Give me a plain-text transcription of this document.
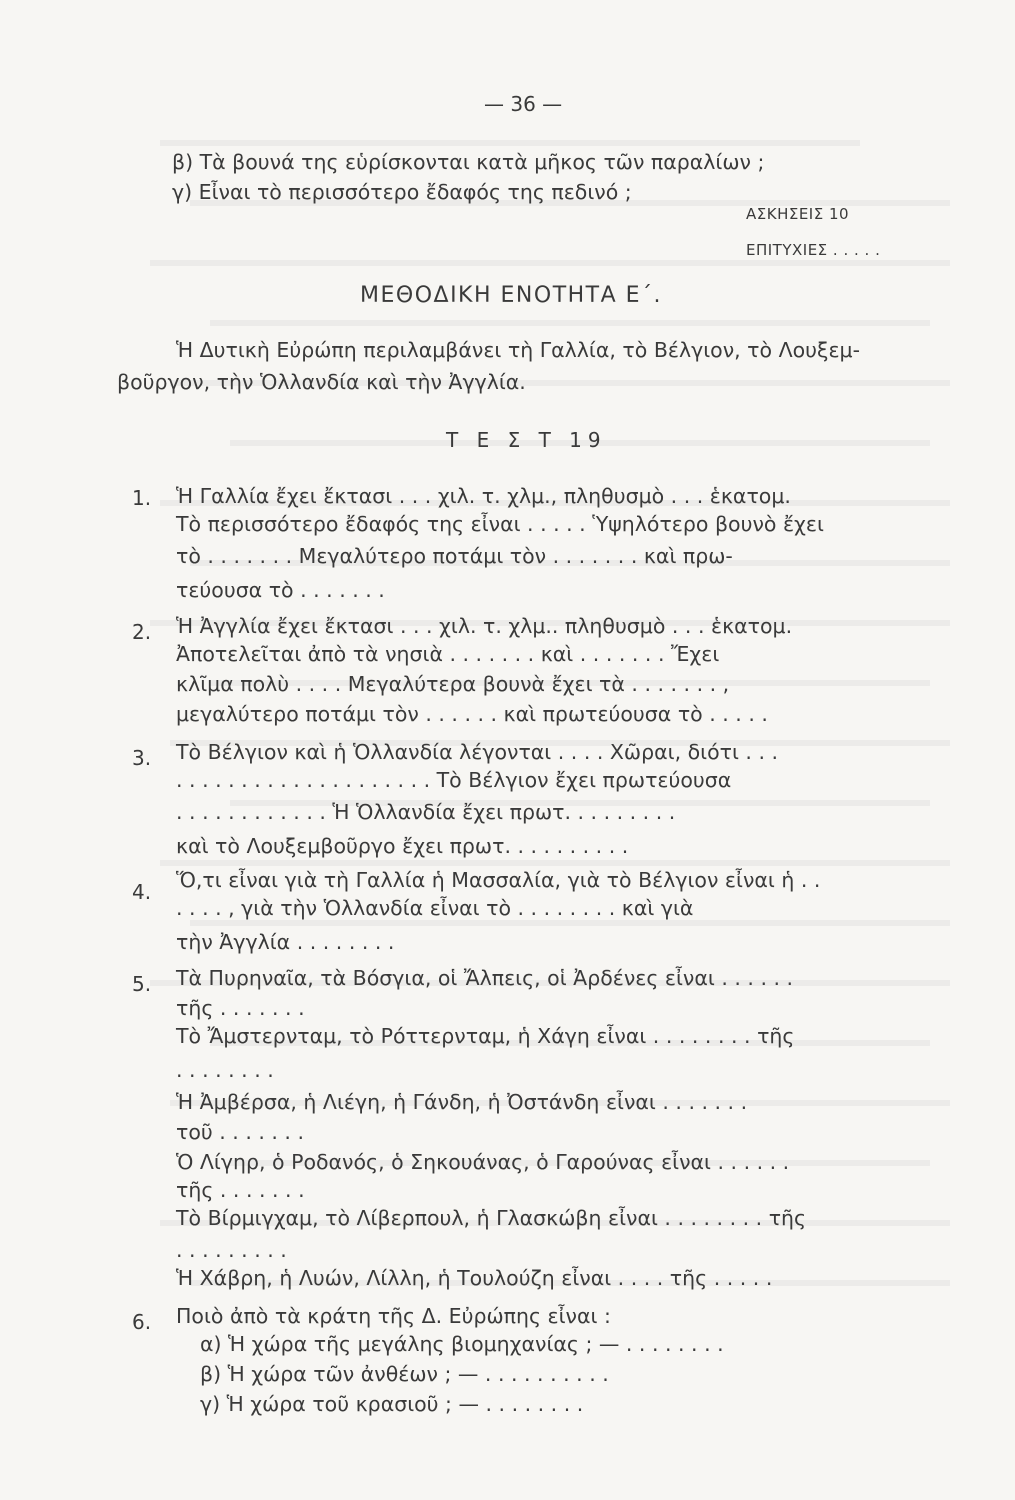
— 36 —
β) Τὰ βουνά της εὑρίσκονται κατὰ μῆκος τῶν παραλίων ;
γ) Εἶναι τὸ περισσότερο ἔδαφός της πεδινό ;
ΑΣΚΗΣΕΙΣ 10
ΕΠΙΤΥΧΙΕΣ . . . . .
ΜΕΘΟΔΙΚΗ ΕΝΟΤΗΤΑ Ε΄.
Ἡ Δυτικὴ Εὐρώπη περιλαμβάνει τὴ Γαλλία, τὸ Βέλγιον, τὸ Λουξεμ-
βοῦργον, τὴν Ὁλλανδία καὶ τὴν Ἀγγλία.
Τ Ε Σ Τ 19
1. Ἡ Γαλλία ἔχει ἔκτασι . . . χιλ. τ. χλμ., πληθυσμὸ . . . ἑκατομ.
Τὸ περισσότερο ἔδαφός της εἶναι . . . . . Ὑψηλότερο βουνὸ ἔχει
τὸ . . . . . . . Μεγαλύτερο ποτάμι τὸν . . . . . . . καὶ πρω-
τεύουσα τὸ . . . . . . .
2. Ἡ Ἀγγλία ἔχει ἔκτασι . . . χιλ. τ. χλμ.. πληθυσμὸ . . . ἑκατομ.
Ἀποτελεῖται ἀπὸ τὰ νησιὰ . . . . . . . καὶ . . . . . . . Ἔχει
κλῖμα πολὺ . . . . Μεγαλύτερα βουνὰ ἔχει τὰ . . . . . . . ,
μεγαλύτερο ποτάμι τὸν . . . . . . καὶ πρωτεύουσα τὸ . . . . .
3. Τὸ Βέλγιον καὶ ἡ Ὁλλανδία λέγονται . . . . Χῶραι, διότι . . .
. . . . . . . . . . . . . . . . . . . . Τὸ Βέλγιον ἔχει πρωτεύουσα
. . . . . . . . . . . . Ἡ Ὁλλανδία ἔχει πρωτ. . . . . . . . .
καὶ τὸ Λουξεμβοῦργο ἔχει πρωτ. . . . . . . . . .
4. Ὅ,τι εἶναι γιὰ τὴ Γαλλία ἡ Μασσαλία, γιὰ τὸ Βέλγιον εἶναι ἡ . .
. . . . , γιὰ τὴν Ὁλλανδία εἶναι τὸ . . . . . . . . καὶ γιὰ
τὴν Ἀγγλία . . . . . . . .
5. Τὰ Πυρηναῖα, τὰ Βόσγια, οἱ Ἄλπεις, οἱ Ἀρδένες εἶναι . . . . . .
τῆς . . . . . . .
Τὸ Ἄμστερνταμ, τὸ Ρόττερνταμ, ἡ Χάγη εἶναι . . . . . . . . τῆς
. . . . . . . .
Ἡ Ἀμβέρσα, ἡ Λιέγη, ἡ Γάνδη, ἡ Ὀστάνδη εἶναι . . . . . . .
τοῦ . . . . . . .
Ὁ Λίγηρ, ὁ Ροδανός, ὁ Σηκουάνας, ὁ Γαρούνας εἶναι . . . . . .
τῆς . . . . . . .
Τὸ Βίρμιγχαμ, τὸ Λίβερπουλ, ἡ Γλασκώβη εἶναι . . . . . . . . τῆς
. . . . . . . . .
Ἡ Χάβρη, ἡ Λυών, Λίλλη, ἡ Τουλούζη εἶναι . . . . τῆς . . . . .
6. Ποιὸ ἀπὸ τὰ κράτη τῆς Δ. Εὐρώπης εἶναι :
α) Ἡ χώρα τῆς μεγάλης βιομηχανίας ; — . . . . . . . .
β) Ἡ χώρα τῶν ἀνθέων ; — . . . . . . . . . .
γ) Ἡ χώρα τοῦ κρασιοῦ ; — . . . . . . . .
